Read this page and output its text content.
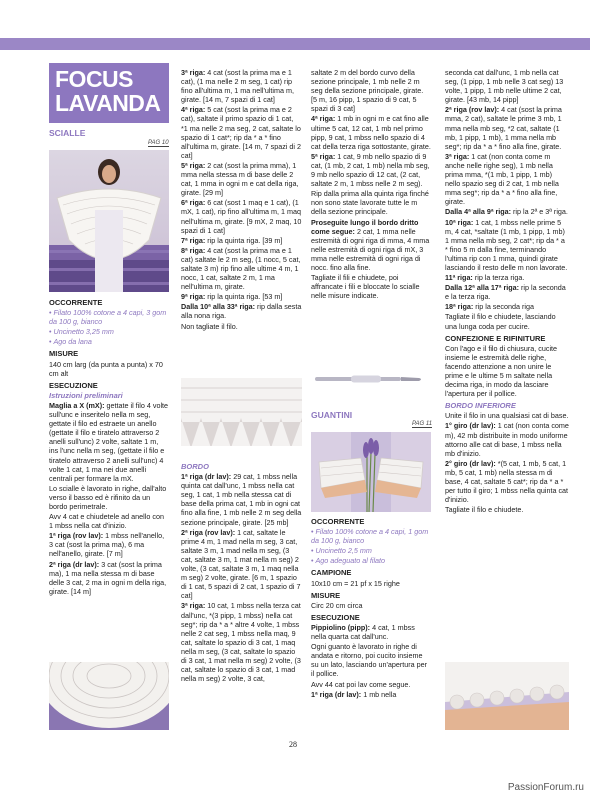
FOCUS
LAVANDA
SCIALLE
PAG 10

OCCORRENTE

• Filato 100% cotone a 4 capi, 3 gom da 100 g, bianco

• Uncinetto 3,25 mm

• Ago da lana

MISURE

140 cm larg (da punta a punta) x 70 cm alt

ESECUZIONE

Istruzioni preliminari

Maglia a X (mX): gettate il filo 4 volte sull'unc e inseritelo nella m seg, gettate il filo ed estraete un anello (gettate il filo e tiratelo attraverso 2 anelli sull'unc) 2 volte, saltate 1 m, ins l'unc nella m seg, (gettate il filo e tiratelo attraverso 2 anelli sull'unc) 4 volte 1 cat, 1 ma nei due anelli centrali per formare la mX.

Lo scialle è lavorato in righe, dall'alto verso il basso ed è rifinito da un bordo perimetrale.

Avv 4 cat e chiudetele ad anello con 1 mbss nella cat d'inizio.

1ª riga (rov lav): 1 mbss nell'anello, 3 cat (sost la prima ma), 6 ma nell'anello, girate. [7 m]

2ª riga (dr lav): 3 cat (sost la prima ma), 1 ma nella stessa m di base delle 3 cat, 2 ma in ogni m della riga, girate. [14 m]

3ª riga: 4 cat (sost la prima ma e 1 cat), (1 ma nelle 2 m seg, 1 cat) rip fino all'ultima m, 1 ma nell'ultima m, girate. [14 m, 7 spazi di 1 cat]

4ª riga: 5 cat (sost la prima ma e 2 cat), saltate il primo spazio di 1 cat, *1 ma nelle 2 ma seg, 2 cat, saltate lo spazio di 1 cat*; rip da * a * fino all'ultima m, girate. [14 m, 7 spazi di 2 cat]

5ª riga: 2 cat (sost la prima mma), 1 mma nella stessa m di base delle 2 cat, 1 mma in ogni m e cat della riga, girate. [29 m]

6ª riga: 6 cat (sost 1 maq e 1 cat), (1 mX, 1 cat), rip fino all'ultima m, 1 maq nell'ultima m, girate. [9 mX, 2 maq, 10 spazi di 1 cat]

7ª riga: rip la quinta riga. [39 m]

8ª riga: 4 cat (sost la prima ma e 1 cat) saltate le 2 m seg, (1 nocc, 5 cat, saltate 3 m) rip fino alle ultime 4 m, 1 nocc, 1 cat, saltate 2 m, 1 ma nell'ultima m, girate.

9ª riga: rip la quinta riga. [53 m]

Dalla 10ª alla 33ª riga: rip dalla sesta alla nona riga.

Non tagliate il filo.

BORDO

1ª riga (dr lav): 29 cat, 1 mbss nella quinta cat dall'unc, 1 mbss nella cat seg, 1 cat, 1 mb nella stessa cat di base della prima cat, 1 mb in ogni cat fino alla fine, 1 mb nelle 2 m seg della sezione principale, girate. [25 mb]

2ª riga (rov lav): 1 cat, saltate le prime 4 m, 1 mad nella m seg, 3 cat, saltate 3 m, 1 mad nella m seg, (3 cat, saltate 3 m, 1 mat nella m seg) 2 volte, (3 cat, saltate 3 m, 1 maq nella m seg) 2 volte, girate. [6 m, 1 spazio di 1 cat, 5 spazi di 2 cat, 1 spazio di 7 cat]

3ª riga: 10 cat, 1 mbss nella terza cat dall'unc, *(3 pipp, 1 mbss) nella cat seg*; rip da * a * altre 4 volte, 1 mbss nelle 2 cat seg, 1 mbss nella maq, 9 cat, saltate lo spazio di 3 cat, 1 maq nella m seg, (3 cat, saltate lo spazio di 3 cat, 1 mat nella m seg) 2 volte, (3 cat, saltate lo spazio di 3 cat, 1 mad nella m seg) 2 volte, 3 cat,

saltate 2 m del bordo curvo della sezione principale, 1 mb nelle 2 m seg della sezione principale, girate. [5 m, 16 pipp, 1 spazio di 9 cat, 5 spazi di 3 cat]

4ª riga: 1 mb in ogni m e cat fino alle ultime 5 cat, 12 cat, 1 mb nel primo pipp, 9 cat, 1 mbss nello spazio di 4 cat della terza riga sottostante, girate.

5ª riga: 1 cat, 9 mb nello spazio di 9 cat, (1 mb, 2 cat, 1 mb) nella mb seg, 9 mb nello spazio di 12 cat, (2 cat, saltate 2 m, 1 mbss nelle 2 m seg).

Rip dalla prima alla quinta riga finché non sono state lavorate tutte le m della sezione principale.

Proseguite lungo il bordo dritto come segue: 2 cat, 1 mma nelle estremità di ogni riga di mma, 4 mma nelle estremità di ogni riga di mX, 3 mma nelle estremità di ogni riga di nocc. fino alla fine.

Tagliate il fili e chiudete, poi affrancate i fili e bloccate lo scialle nelle misure indicate.

GUANTINI
PAG 11

OCCORRENTE

• Filato 100% cotone a 4 capi, 1 gom da 100 g, bianco

• Uncinetto 2,5 mm

• Ago adeguato al filato

CAMPIONE

10x10 cm = 21 pf x 15 righe

MISURE

Circ 20 cm circa

ESECUZIONE

Pippiolino (pipp): 4 cat, 1 mbss nella quarta cat dall'unc.

Ogni guanto è lavorato in righe di andata e ritorno, poi cucito insieme su un lato, lasciando un'apertura per il pollice.

Avv 44 cat poi lav come segue.

1ª riga (dr lav): 1 mb nella

seconda cat dall'unc, 1 mb nella cat seg, (1 pipp, 1 mb nelle 3 cat seg) 13 volte, 1 pipp, 1 mb nelle ultime 2 cat, girate. [43 mb, 14 pipp]

2ª riga (rov lav): 4 cat (sost la prima mma, 2 cat), saltate le prime 3 mb, 1 mma nella mb seg, *2 cat, saltate (1 mb, 1 pipp, 1 mb), 1 mma nella mb seg*; rip da * a * fino alla fine, girate.

3ª riga: 1 cat (non conta come m anche nelle righe seg), 1 mb nella prima mma, *(1 mb, 1 pipp, 1 mb) nello spazio seg di 2 cat, 1 mb nella mma seg*; rip da * a * fino alla fine, girate.

Dalla 4ª alla 9ª riga: rip la 2ª e 3ª riga.

10ª riga: 1 cat, 1 mbss nelle prime 5 m, 4 cat, *saltate (1 mb, 1 pipp, 1 mb) 1 mma nella mb seg, 2 cat*; rip da * a * fino 5 m dalla fine, terminando l'ultima rip con 1 mma, quindi girate lasciando il resto delle m non lavorate.

11ª riga: rip la terza riga.

Dalla 12ª alla 17ª riga: rip la seconda e la terza riga.

18ª riga: rip la seconda riga

Tagliate il filo e chiudete, lasciando una lunga coda per cucire.

CONFEZIONE E RIFINITURE

Con l'ago e il filo di chiusura, cucite insieme le estremità delle righe, facendo attenzione a non unire le prime e le ultime 5 m saltate nella decima riga, in modo da lasciare l'apertura per il pollice.

BORDO INFERIORE

Unite il filo in una qualsiasi cat di base.

1° giro (dr lav): 1 cat (non conta come m), 42 mb distribuite in modo uniforme attorno alle cat di base, 1 mbss nella mb d'inizio.

2° giro (dr lav): *(5 cat, 1 mb, 5 cat, 1 mb, 5 cat, 1 mb) nella stessa m di base, 4 cat, saltate 5 cat*; rip da * a * per tutto il giro; 1 mbss nella quinta cat d'inizio.

Tagliate il filo e chiudete.

28
PassionForum.ru
